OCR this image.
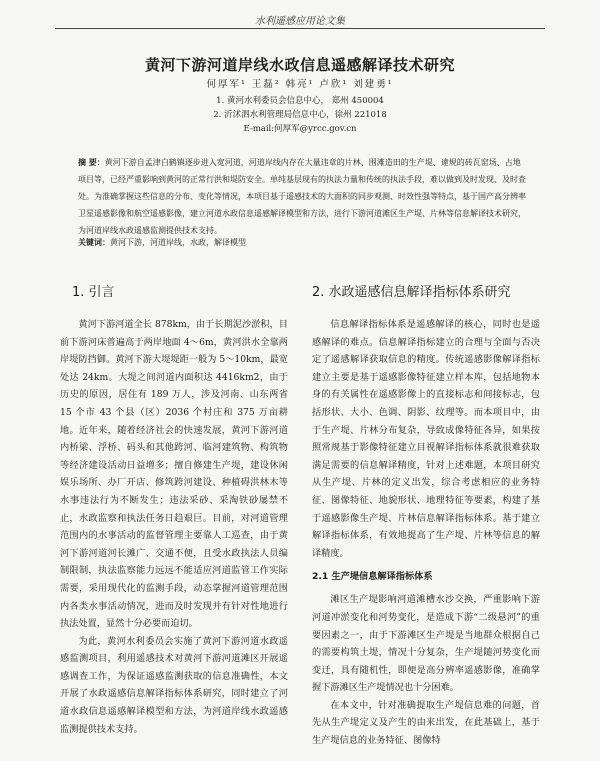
水利遥感应用论文集
黄河下游河道岸线水政信息遥感解译技术研究
何厚军¹ 王磊² 韩亮¹ 卢欣¹ 刘建勇¹
1. 黄河水利委员会信息中心， 郑州 450004
2. 沂沭泗水利管理局信息中心，徐州 221018
E-mail:何厚军@yrcc.gov.cn
摘 要：黄河下游自孟津白鹤镇逐步进入宽河道，河道岸线内存在大量违章的片林、围滩造田的生产堤、違规的砖瓦窑场、占地项目等，已经严重影响到黄河的正常行洪和堤防安全。单纯基层现有的执法力量和传统的执法手段，难以做到及时发现、及时查处。为准确掌握这些信息的分布、变化等情况，本项目基于遥感技术的大面积的同步观测、时效性强等特点，基于国产高分辨率卫星遥感影像和航空遥感影像，建立河道水政信息遥感解译模型和方法，进行下游河道滩区生产堤、片林等信息解译技术研究，为河道岸线水政遥感监测提供技术支持。
关键词：黄河下游，河道岸线，水政，解译模型
1. 引言

黄河下游河道全长 878km，由于长期泥沙淤积，目前下游河床普遍高于两岸地面 4～6m，黄河洪水全靠两岸堤防挡御。黄河下游大堤堤距一般为 5～10km，最宽处达 24km。大堤之间河道内面积达 4416km2，由于历史的原因，居住有 189 万人，涉及河南、山东两省 15 个市 43 个县（区）2036 个村庄和 375 万亩耕地。近年来，随着经济社会的快速发展，黄河下游河道内桥梁、浮桥、码头和其他跨河、临河建筑物、构筑物等经济建设活动日益增多；擅自修建生产堤，建设休闲娱乐场所、办厂开店、修筑跨河建设、种植碍洪林木等水事违法行为不断发生；违法采砂、采淘铁砂屡禁不止，水政监察和执法任务日趋艰巨。目前，对河道管理范围内的水事活动的监督管理主要靠人工巡查，由于黄河下游河道河长滩广、交通不便，且受水政执法人员编制限制，执法监察能力远远不能适应河道监管工作实际需要，采用现代化的监测手段，动态掌握河道管理范围内各类水事活动情况，进而及时发现并有针对性地进行执法处置，显然十分必要而迫切。

为此，黄河水利委员会实施了黄河下游河道水政遥感监测项目，利用遥感技术对黄河下游河道滩区开展遥感调查工作，为保证遥感监测获取的信息准确性，本文开展了水政遥感信息解译指标体系研究，同时建立了河道水政信息遥感解译模型和方法，为河道岸线水政遥感监测提供技术支持。

2. 水政遥感信息解译指标体系研究

信息解译指标体系是遥感解译的核心，同时也是遥感解译的难点。信息解译指标建立的合理与全面与否决定了遥感解译获取信息的精度。传统遥感影像解译指标建立主要是基于遥感影像特征建立样本库，包括地物本身的有关属性在遥感影像上的直接标志和间接标志，包括形状、大小、色调、阴影、纹理等。而本项目中，由于生产堤、片林分布复杂，导致成像特征各异，如果按照常规基于影像特征建立目视解译指标体系就很难获取满足需要的信息解译精度，针对上述难题，本项目研究从生产堤、片林的定义出发，综合考虑相应的业务特征、图像特征、地貌形状、地理特征等要素，构建了基于遥感影像生产堤、片林信息解译指标体系。基于建立解译指标体系，有效地提高了生产堤、片林等信息的解译精度。

2.1 生产堤信息解译指标体系

滩区生产堤影响河道滩槽水沙交换，严重影响下游河道冲淤变化和河势变化，是造成下游“二级悬河”的重要因素之一，由于下游滩区生产堤是当地群众根据自己的需要构筑土堤，情况十分复杂，生产堤随河势变化而变迁，具有随机性，即便是高分辨率遥感影像，准确掌握下游滩区生产堤情况也十分困难。

在本文中，针对准确提取生产堤信息难的问题，首先从生产堤定义及产生的由来出发，在此基础上，基于生产堤信息的业务特征、图像特
